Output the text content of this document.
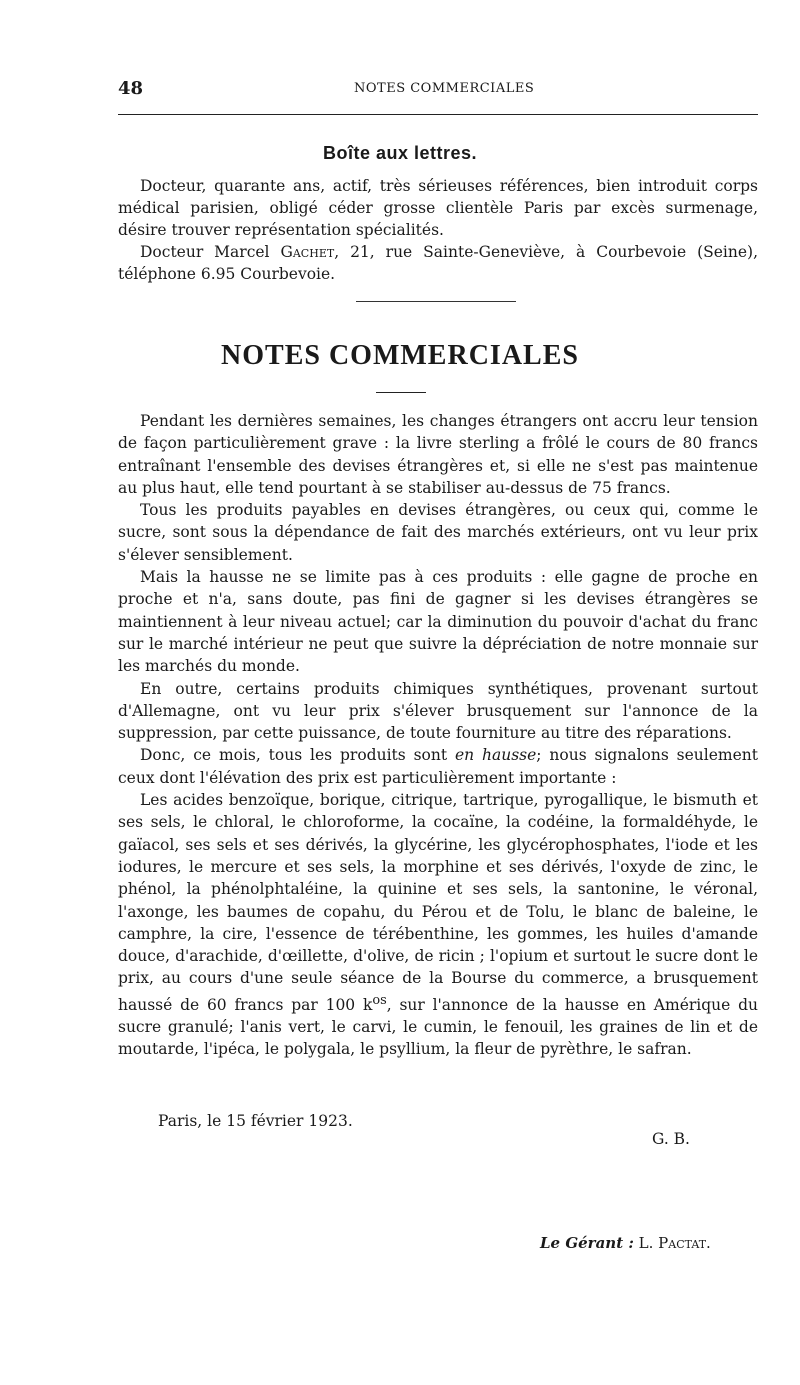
48	NOTES COMMERCIALES
Boîte aux lettres.

Docteur, quarante ans, actif, très sérieuses références, bien introduit corps médical parisien, obligé céder grosse clientèle Paris par excès surmenage, désire trouver représentation spécialités.

Docteur Marcel Gachet, 21, rue Sainte-Geneviève, à Courbevoie (Seine), téléphone 6.95 Courbevoie.

NOTES COMMERCIALES

Pendant les dernières semaines, les changes étrangers ont accru leur tension de façon particulièrement grave : la livre sterling a frôlé le cours de 80 francs entraînant l'ensemble des devises étrangères et, si elle ne s'est pas maintenue au plus haut, elle tend pourtant à se stabiliser au-dessus de 75 francs.

Tous les produits payables en devises étrangères, ou ceux qui, comme le sucre, sont sous la dépendance de fait des marchés extérieurs, ont vu leur prix s'élever sensiblement.

Mais la hausse ne se limite pas à ces produits : elle gagne de proche en proche et n'a, sans doute, pas fini de gagner si les devises étrangères se maintiennent à leur niveau actuel; car la diminution du pouvoir d'achat du franc sur le marché intérieur ne peut que suivre la dépréciation de notre monnaie sur les marchés du monde.

En outre, certains produits chimiques synthétiques, provenant surtout d'Allemagne, ont vu leur prix s'élever brusquement sur l'annonce de la suppression, par cette puissance, de toute fourniture au titre des réparations.

Donc, ce mois, tous les produits sont en hausse; nous signalons seulement ceux dont l'élévation des prix est particulièrement importante :

Les acides benzoïque, borique, citrique, tartrique, pyrogallique, le bismuth et ses sels, le chloral, le chloroforme, la cocaïne, la codéine, la formaldéhyde, le gaïacol, ses sels et ses dérivés, la glycérine, les glycérophosphates, l'iode et les iodures, le mercure et ses sels, la morphine et ses dérivés, l'oxyde de zinc, le phénol, la phénolphtaléine, la quinine et ses sels, la santonine, le véronal, l'axonge, les baumes de copahu, du Pérou et de Tolu, le blanc de baleine, le camphre, la cire, l'essence de térébenthine, les gommes, les huiles d'amande douce, d'arachide, d'œillette, d'olive, de ricin ; l'opium et surtout le sucre dont le prix, au cours d'une seule séance de la Bourse du commerce, a brusquement haussé de 60 francs par 100 $k^{os}$, sur l'annonce de la hausse en Amérique du sucre granulé; l'anis vert, le carvi, le cumin, le fenouil, les graines de lin et de moutarde, l'ipéca, le polygala, le psyllium, la fleur de pyrèthre, le safran.

Paris, le 15 février 1923.
G. B.
Le Gérant : L. Pactat.
